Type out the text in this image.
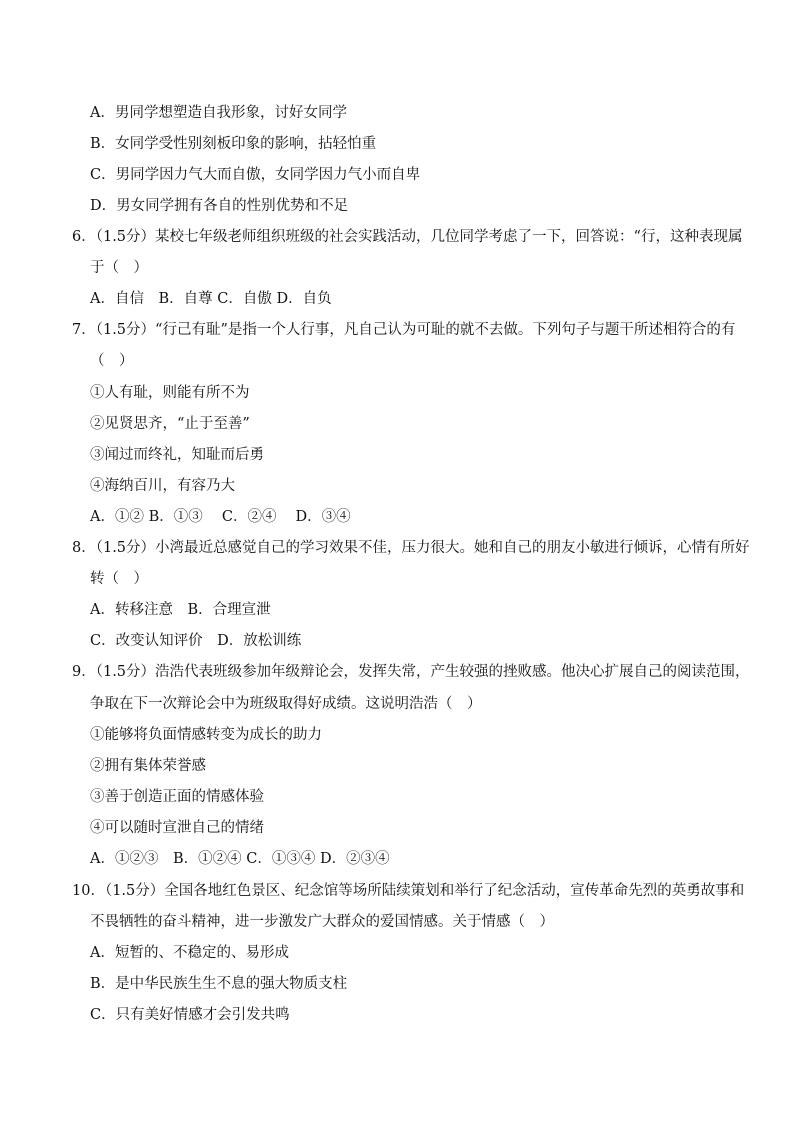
A．男同学想塑造自我形象，讨好女同学
B．女同学受性别刻板印象的影响，拈轻怕重
C．男同学因力气大而自傲，女同学因力气小而自卑
D．男女同学拥有各自的性别优势和不足
6．（1.5分）某校七年级老师组织班级的社会实践活动，几位同学考虑了一下，回答说：“行，这种表现属
于（　）
A．自信　B．自尊 C．自傲 D．自负
7．（1.5分）“行己有耻”是指一个人行事，凡自己认为可耻的就不去做。下列句子与题干所述相符合的有
（　）
①人有耻，则能有所不为
②见贤思齐，“止于至善”
③闻过而终礼，知耻而后勇
④海纳百川，有容乃大
A．①② B．①③　 C．②④　 D．③④
8．（1.5分）小湾最近总感觉自己的学习效果不佳，压力很大。她和自己的朋友小敏进行倾诉，心情有所好
转（　）
A．转移注意　B．合理宣泄
C．改变认知评价　D．放松训练
9．（1.5分）浩浩代表班级参加年级辩论会，发挥失常，产生较强的挫败感。他决心扩展自己的阅读范围，
争取在下一次辩论会中为班级取得好成绩。这说明浩浩（　）
①能够将负面情感转变为成长的助力
②拥有集体荣誉感
③善于创造正面的情感体验
④可以随时宣泄自己的情绪
A．①②③　B．①②④ C．①③④ D．②③④
10．（1.5分）全国各地红色景区、纪念馆等场所陆续策划和举行了纪念活动，宣传革命先烈的英勇故事和
不畏牺牲的奋斗精神，进一步激发广大群众的爱国情感。关于情感（　）
A．短暂的、不稳定的、易形成
B．是中华民族生生不息的强大物质支柱
C．只有美好情感才会引发共鸣
